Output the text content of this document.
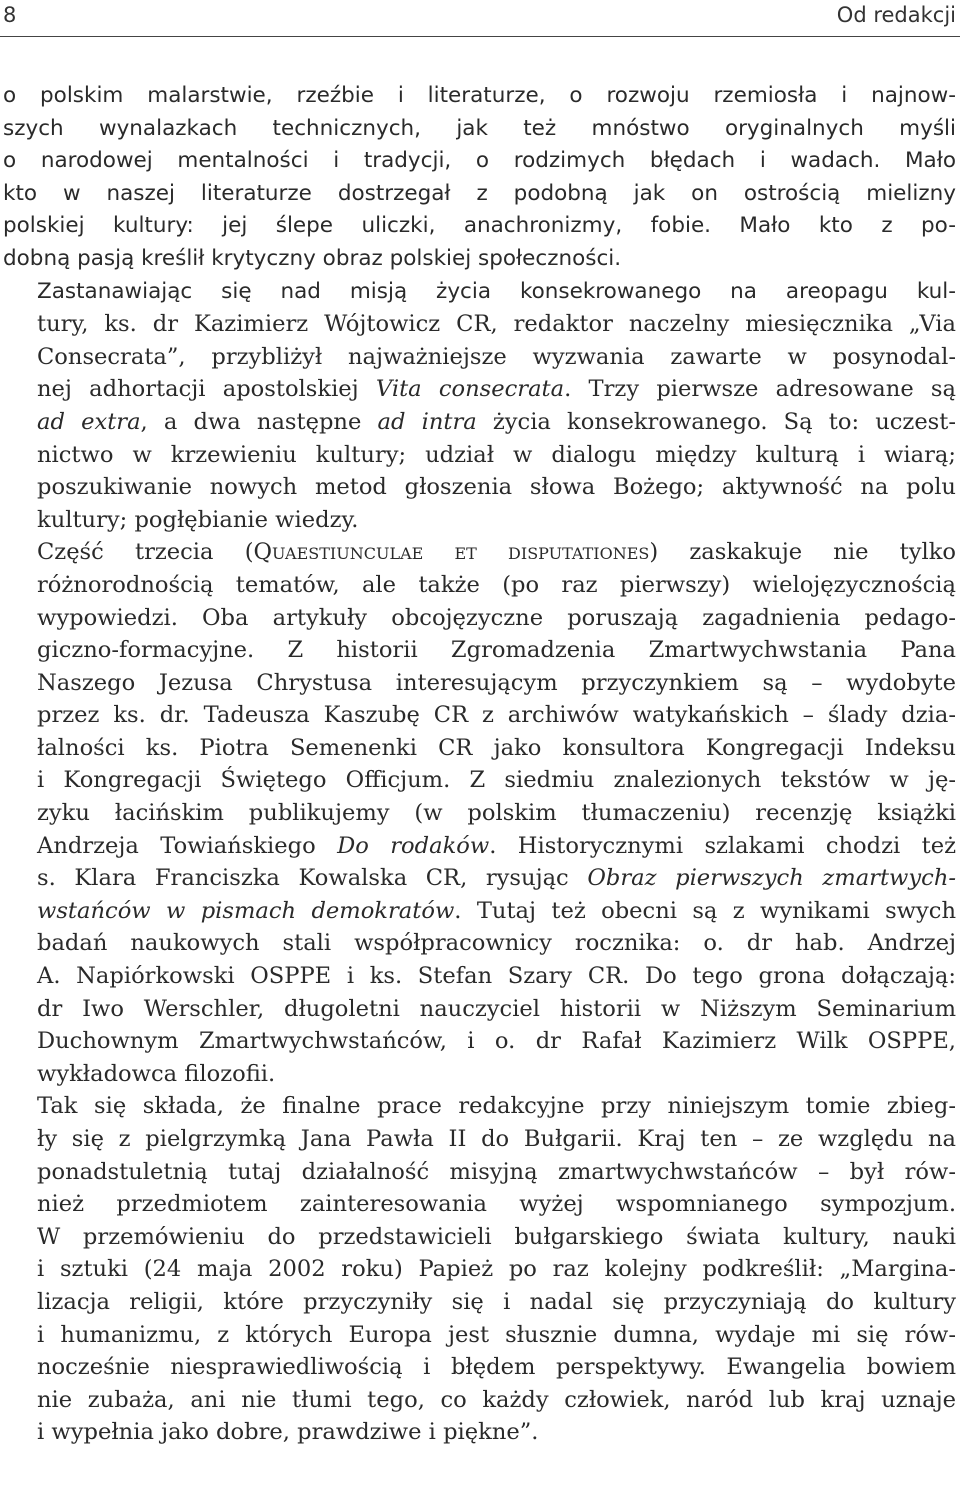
8	Od redakcji

o polskim malarstwie, rzeźbie i literaturze, o rozwoju rzemiosła i najnow-
szych wynalazkach technicznych, jak też mnóstwo oryginalnych myśli
o narodowej mentalności i tradycji, o rodzimych błędach i wadach. Mało
kto w naszej literaturze dostrzegał z podobną jak on ostrością mielizny
polskiej kultury: jej ślepe uliczki, anachronizmy, fobie. Mało kto z po-
dobną pasją kreślił krytyczny obraz polskiej społeczności.

Zastanawiając się nad misją życia konsekrowanego na areopagu kul-
tury, ks. dr Kazimierz Wójtowicz CR, redaktor naczelny miesięcznika „Via
Consecrata”, przybliżył najważniejsze wyzwania zawarte w posynodal-
nej adhortacji apostolskiej Vita consecrata. Trzy pierwsze adresowane są
ad extra, a dwa następne ad intra życia konsekrowanego. Są to: uczest-
nictwo w krzewieniu kultury; udział w dialogu między kulturą i wiarą;
poszukiwanie nowych metod głoszenia słowa Bożego; aktywność na polu
kultury; pogłębianie wiedzy.

Część trzecia (Quaestiunculae et disputationes) zaskakuje nie tylko
różnorodnością tematów, ale także (po raz pierwszy) wielojęzycznością
wypowiedzi. Oba artykuły obcojęzyczne poruszają zagadnienia pedago-
giczno-formacyjne. Z historii Zgromadzenia Zmartwychwstania Pana
Naszego Jezusa Chrystusa interesującym przyczynkiem są – wydobyte
przez ks. dr. Tadeusza Kaszubę CR z archiwów watykańskich – ślady dzia-
łalności ks. Piotra Semenenki CR jako konsultora Kongregacji Indeksu
i Kongregacji Świętego Officjum. Z siedmiu znalezionych tekstów w ję-
zyku łacińskim publikujemy (w polskim tłumaczeniu) recenzję książki
Andrzeja Towiańskiego Do rodaków. Historycznymi szlakami chodzi też
s. Klara Franciszka Kowalska CR, rysując Obraz pierwszych zmartwych-
wstańców w pismach demokratów. Tutaj też obecni są z wynikami swych
badań naukowych stali współpracownicy rocznika: o. dr hab. Andrzej
A. Napiórkowski OSPPE i ks. Stefan Szary CR. Do tego grona dołączają:
dr Iwo Werschler, długoletni nauczyciel historii w Niższym Seminarium
Duchownym Zmartwychwstańców, i o. dr Rafał Kazimierz Wilk OSPPE,
wykładowca filozofii.

Tak się składa, że finalne prace redakcyjne przy niniejszym tomie zbieg-
ły się z pielgrzymką Jana Pawła II do Bułgarii. Kraj ten – ze względu na
ponadstuletnią tutaj działalność misyjną zmartwychwstańców – był rów-
nież przedmiotem zainteresowania wyżej wspomnianego sympozjum.
W przemówieniu do przedstawicieli bułgarskiego świata kultury, nauki
i sztuki (24 maja 2002 roku) Papież po raz kolejny podkreślił: „Margina-
lizacja religii, które przyczyniły się i nadal się przyczyniają do kultury
i humanizmu, z których Europa jest słusznie dumna, wydaje mi się rów-
nocześnie niesprawiedliwością i błędem perspektywy. Ewangelia bowiem
nie zubaża, ani nie tłumi tego, co każdy człowiek, naród lub kraj uznaje
i wypełnia jako dobre, prawdziwe i piękne”.
